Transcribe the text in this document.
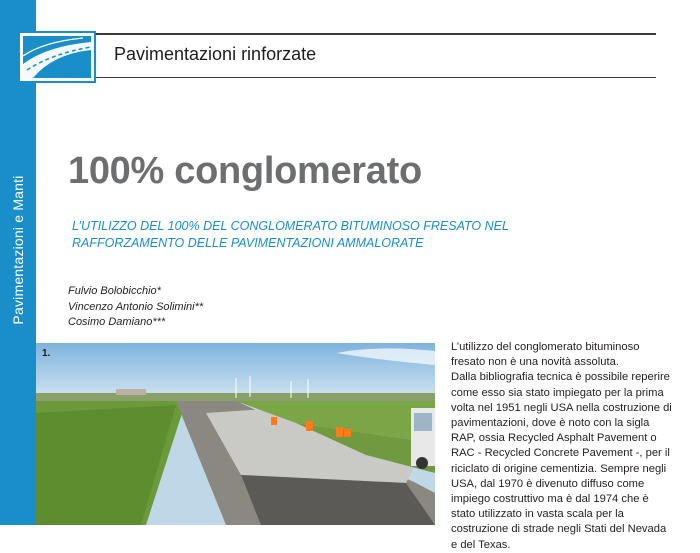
Pavimentazioni e Manti
Pavimentazioni rinforzate
100% conglomerato
L’UTILIZZO DEL 100% DEL CONGLOMERATO BITUMINOSO FRESATO NEL RAFFORZAMENTO DELLE PAVIMENTAZIONI AMMALORATE
Fulvio Bolobicchio*
Vincenzo Antonio Solimini**
Cosimo Damiano***
1.

L’utilizzo del conglomerato bituminoso fresato non è una novità assoluta.

Dalla bibliografia tecnica è possibile reperire come esso sia stato impiegato per la prima volta nel 1951 negli USA nella costruzione di pavimentazioni, dove è noto con la sigla RAP, ossia Recycled Asphalt Pavement o RAC - Recycled Concrete Pavement -, per il riciclato di origine cementizia. Sempre negli USA, dal 1970 è divenuto diffuso come impiego costruttivo ma è dal 1974 che è stato utilizzato in vasta scala per la costruzione di strade negli Stati del Nevada e del Texas.
